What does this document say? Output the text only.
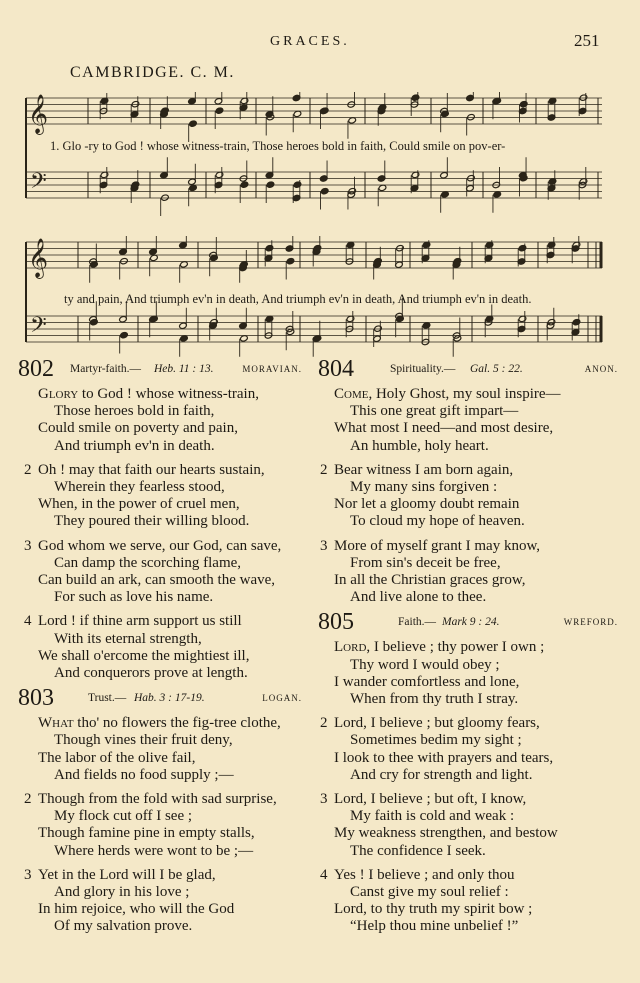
GRACES.	251
CAMBRIDGE. C. M.
𝄞
𝄢
1. Glo -ry to God ! whose witness-train, Those heroes bold in faith, Could smile on pov-er-
𝄞
𝄢
ty and pain, And triumph ev'n in death, And triumph ev'n in death, And triumph ev'n in death.
802 Martyr-faith.— Heb. 11 : 13.	MORAVIAN.
Glory to God ! whose witness-train,
Those heroes bold in faith,
Could smile on poverty and pain,
And triumph ev'n in death.
2 Oh ! may that faith our hearts sustain,
Wherein they fearless stood,
When, in the power of cruel men,
They poured their willing blood.
3 God whom we serve, our God, can save,
Can damp the scorching flame,
Can build an ark, can smooth the wave,
For such as love his name.
4 Lord ! if thine arm support us still
With its eternal strength,
We shall o'ercome the mightiest ill,
And conquerors prove at length.
803	Trust.— Hab. 3 : 17-19.	LOGAN.
What tho' no flowers the fig-tree clothe,
Though vines their fruit deny,
The labor of the olive fail,
And fields no food supply ;—
2 Though from the fold with sad surprise,
My flock cut off I see ;
Though famine pine in empty stalls,
Where herds were wont to be ;—
3 Yet in the Lord will I be glad,
And glory in his love ;
In him rejoice, who will the God
Of my salvation prove.
804	Spirituality.— Gal. 5 : 22.	ANON.
Come, Holy Ghost, my soul inspire—
This one great gift impart—
What most I need—and most desire,
An humble, holy heart.
2 Bear witness I am born again,
My many sins forgiven :
Nor let a gloomy doubt remain
To cloud my hope of heaven.
3 More of myself grant I may know,
From sin's deceit be free,
In all the Christian graces grow,
And live alone to thee.
805	Faith.— Mark 9 : 24.	WREFORD.
Lord, I believe ; thy power I own ;
Thy word I would obey ;
I wander comfortless and lone,
When from thy truth I stray.
2 Lord, I believe ; but gloomy fears,
Sometimes bedim my sight ;
I look to thee with prayers and tears,
And cry for strength and light.
3 Lord, I believe ; but oft, I know,
My faith is cold and weak :
My weakness strengthen, and bestow
The confidence I seek.
4 Yes ! I believe ; and only thou
Canst give my soul relief :
Lord, to thy truth my spirit bow ;
“Help thou mine unbelief !”
